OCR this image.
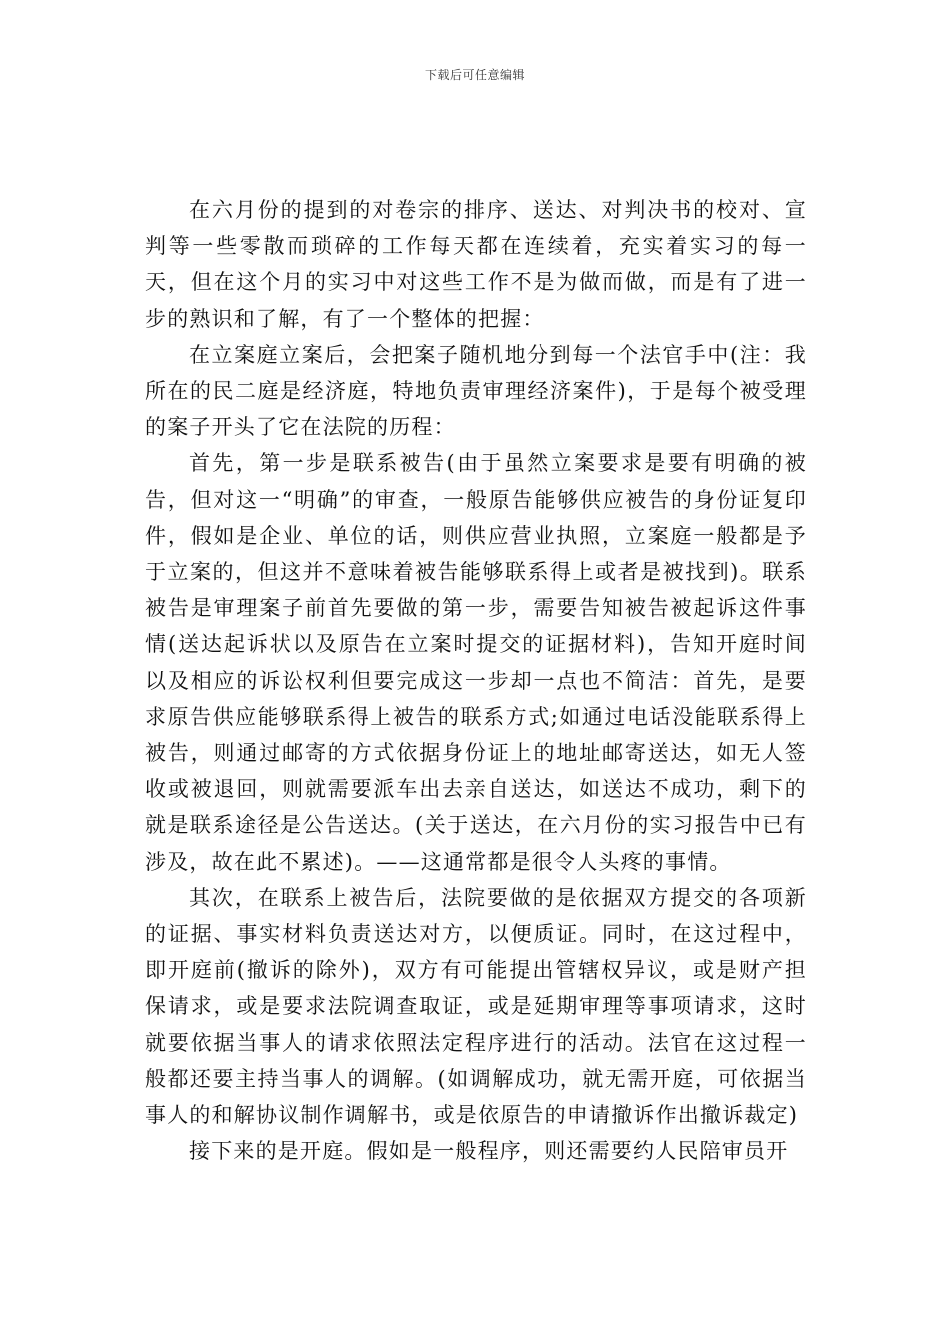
下载后可任意编辑

在六月份的提到的对卷宗的排序、送达、对判决书的校对、宣判等一些零散而琐碎的工作每天都在连续着，充实着实习的每一天，但在这个月的实习中对这些工作不是为做而做，而是有了进一步的熟识和了解，有了一个整体的把握：

在立案庭立案后，会把案子随机地分到每一个法官手中(注：我所在的民二庭是经济庭，特地负责审理经济案件)，于是每个被受理的案子开头了它在法院的历程：

首先，第一步是联系被告(由于虽然立案要求是要有明确的被告，但对这一“明确”的审查，一般原告能够供应被告的身份证复印件，假如是企业、单位的话，则供应营业执照，立案庭一般都是予于立案的，但这并不意味着被告能够联系得上或者是被找到)。联系被告是审理案子前首先要做的第一步，需要告知被告被起诉这件事情(送达起诉状以及原告在立案时提交的证据材料)，告知开庭时间以及相应的诉讼权利但要完成这一步却一点也不简洁：首先，是要求原告供应能够联系得上被告的联系方式;如通过电话没能联系得上被告，则通过邮寄的方式依据身份证上的地址邮寄送达，如无人签收或被退回，则就需要派车出去亲自送达，如送达不成功，剩下的就是联系途径是公告送达。(关于送达，在六月份的实习报告中已有涉及，故在此不累述)。——这通常都是很令人头疼的事情。

其次，在联系上被告后，法院要做的是依据双方提交的各项新的证据、事实材料负责送达对方，以便质证。同时，在这过程中，即开庭前(撤诉的除外)，双方有可能提出管辖权异议，或是财产担保请求，或是要求法院调查取证，或是延期审理等事项请求，这时就要依据当事人的请求依照法定程序进行的活动。法官在这过程一般都还要主持当事人的调解。(如调解成功，就无需开庭，可依据当事人的和解协议制作调解书，或是依原告的申请撤诉作出撤诉裁定)

接下来的是开庭。假如是一般程序，则还需要约人民陪审员开
